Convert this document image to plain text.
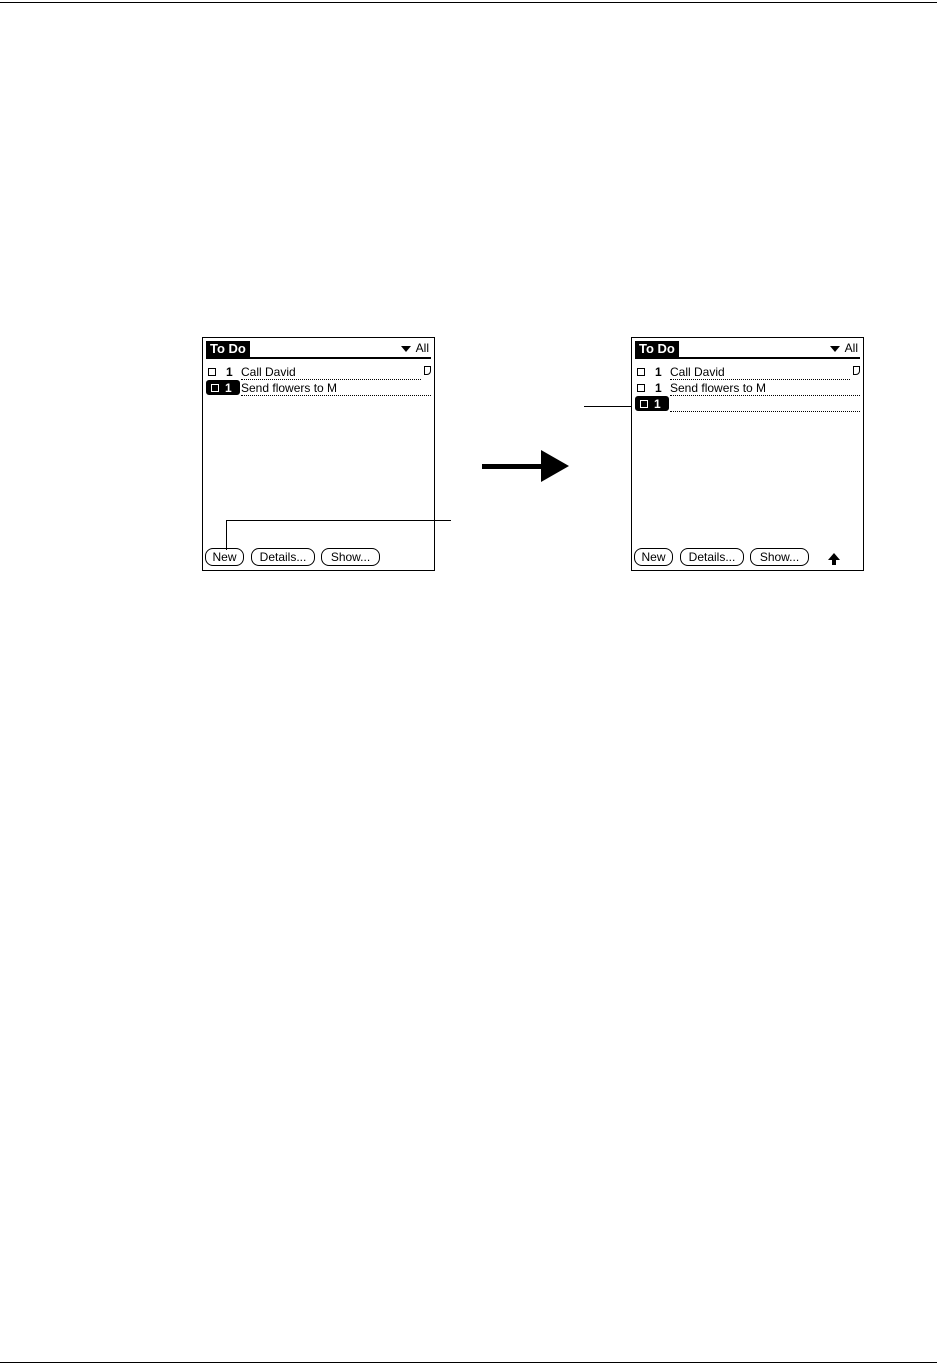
To Do	All
1 Call David
1 Send flowers to M
New	Details...	Show...
To Do	All
1 Call David
1 Send flowers to M
1
New	Details...	Show...
